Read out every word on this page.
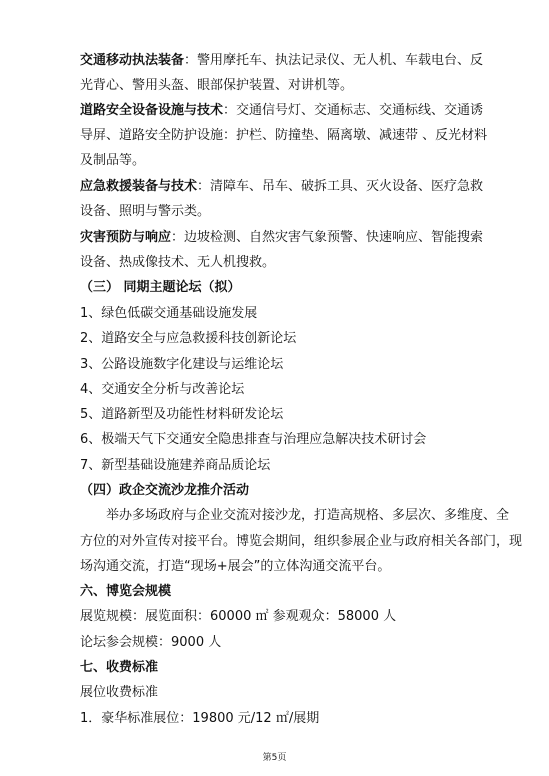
交通移动执法装备：警用摩托车、执法记录仪、无人机、车载电台、反
光背心、警用头盔、眼部保护装置、对讲机等。
道路安全设备设施与技术：交通信号灯、交通标志、交通标线、交通诱
导屏、道路安全防护设施：护栏、防撞垫、隔离墩、减速带 、反光材料
及制品等。
应急救援装备与技术：清障车、吊车、破拆工具、灭火设备、医疗急救
设备、照明与警示类。
灾害预防与响应：边坡检测、自然灾害气象预警、快速响应、智能搜索
设备、热成像技术、无人机搜救。
（三） 同期主题论坛（拟）
1、绿色低碳交通基础设施发展
2、道路安全与应急救援科技创新论坛
3、公路设施数字化建设与运维论坛
4、交通安全分析与改善论坛
5、道路新型及功能性材料研发论坛
6、极端天气下交通安全隐患排查与治理应急解决技术研讨会
7、新型基础设施建养商品质论坛
（四）政企交流沙龙推介活动
举办多场政府与企业交流对接沙龙，打造高规格、多层次、多维度、全
方位的对外宣传对接平台。博览会期间，组织参展企业与政府相关各部门，现
场沟通交流，打造“现场+展会”的立体沟通交流平台。
六、博览会规模
展览规模：展览面积：60000 ㎡ 参观观众：58000 人
论坛参会规模：9000 人
七、收费标准
展位收费标准
1．豪华标准展位：19800 元/12 ㎡/展期
第5页
